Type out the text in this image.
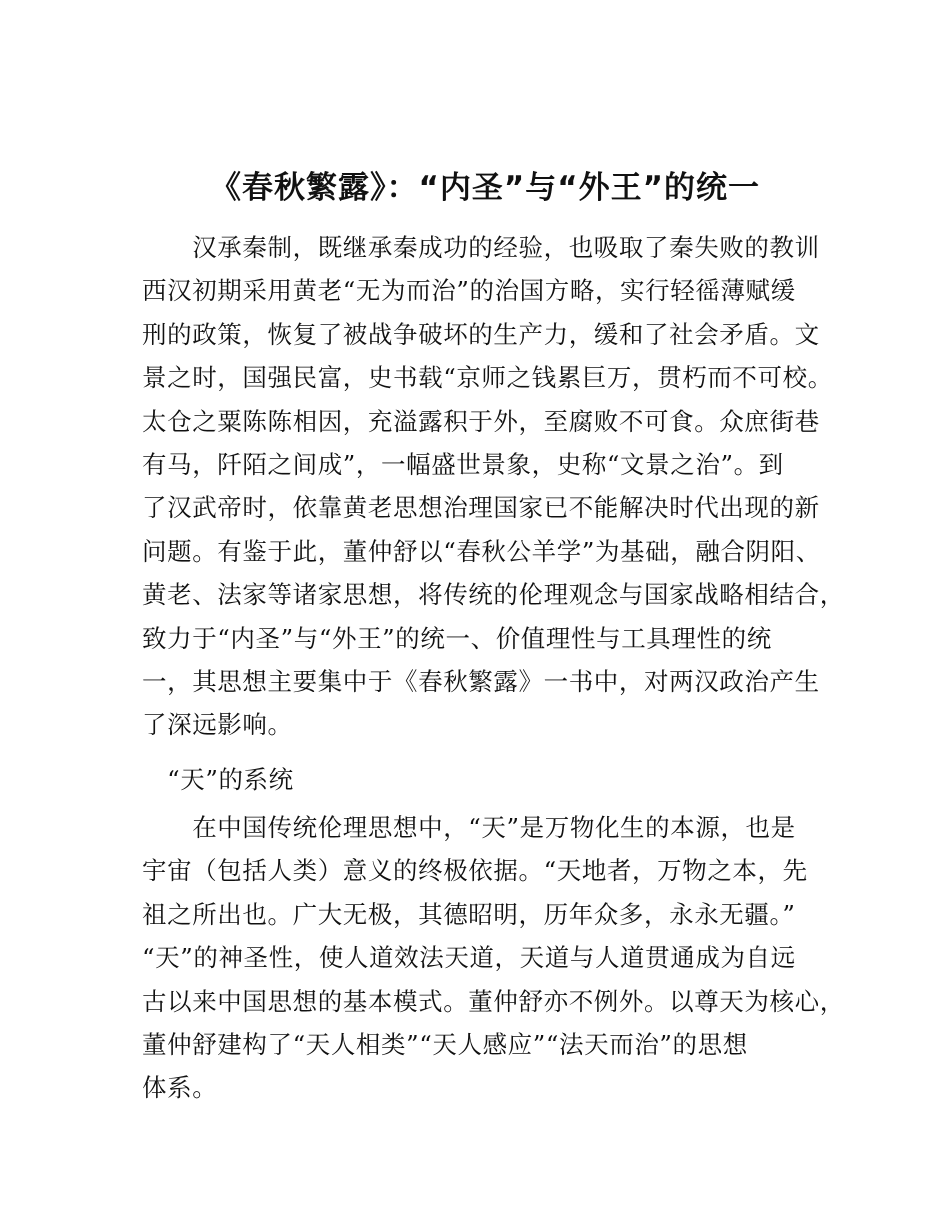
《春秋繁露》：“内圣”与“外王”的统一
　　汉承秦制，既继承秦成功的经验，也吸取了秦失败的教训
西汉初期采用黄老“无为而治”的治国方略，实行轻徭薄赋缓
刑的政策，恢复了被战争破坏的生产力，缓和了社会矛盾。文
景之时，国强民富，史书载“京师之钱累巨万，贯朽而不可校。
太仓之粟陈陈相因，充溢露积于外，至腐败不可食。众庶街巷
有马，阡陌之间成”，一幅盛世景象，史称“文景之治”。到
了汉武帝时，依靠黄老思想治理国家已不能解决时代出现的新
问题。有鉴于此，董仲舒以“春秋公羊学”为基础，融合阴阳、
黄老、法家等诸家思想，将传统的伦理观念与国家战略相结合，
致力于“内圣”与“外王”的统一、价值理性与工具理性的统
一，其思想主要集中于《春秋繁露》一书中，对两汉政治产生
了深远影响。
　“天”的系统
　　在中国传统伦理思想中，“天”是万物化生的本源，也是
宇宙（包括人类）意义的终极依据。“天地者，万物之本，先
祖之所出也。广大无极，其德昭明，历年众多，永永无疆。”
“天”的神圣性，使人道效法天道，天道与人道贯通成为自远
古以来中国思想的基本模式。董仲舒亦不例外。以尊天为核心，
董仲舒建构了“天人相类”“天人感应”“法天而治”的思想
体系。
